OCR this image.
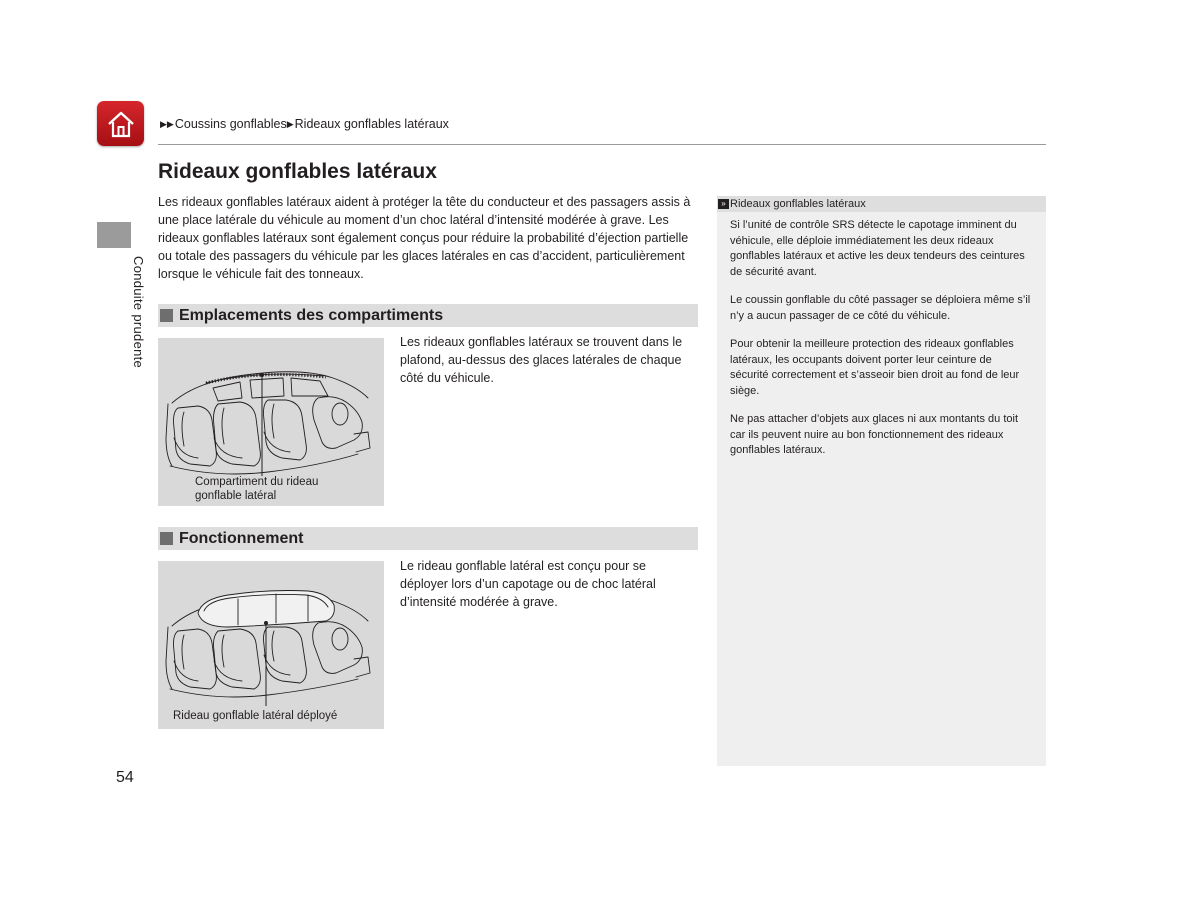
▶▶ Coussins gonflables ▶ Rideaux gonflables latéraux
Conduite prudente
Rideaux gonflables latéraux

Les rideaux gonflables latéraux aident à protéger la tête du conducteur et des passagers assis à une place latérale du véhicule au moment d’un choc latéral d’intensité modérée à grave. Les rideaux gonflables latéraux sont également conçus pour réduire la probabilité d’éjection partielle ou totale des passagers du véhicule par les glaces latérales en cas d’accident, particulièrement lorsque le véhicule fait des tonneaux.

Emplacements des compartiments
Compartiment du rideau gonflable latéral

Les rideaux gonflables latéraux se trouvent dans le plafond, au-dessus des glaces latérales de chaque côté du véhicule.

Fonctionnement
Rideau gonflable latéral déployé

Le rideau gonflable latéral est conçu pour se déployer lors d’un capotage ou de choc latéral d’intensité modérée à grave.

» Rideaux gonflables latéraux

Si l’unité de contrôle SRS détecte le capotage imminent du véhicule, elle déploie immédiatement les deux rideaux gonflables latéraux et active les deux tendeurs des ceintures de sécurité avant.

Le coussin gonflable du côté passager se déploiera même s’il n’y a aucun passager de ce côté du véhicule.

Pour obtenir la meilleure protection des rideaux gonflables latéraux, les occupants doivent porter leur ceinture de sécurité correctement et s’asseoir bien droit au fond de leur siège.

Ne pas attacher d’objets aux glaces ni aux montants du toit car ils peuvent nuire au bon fonctionnement des rideaux gonflables latéraux.

54
